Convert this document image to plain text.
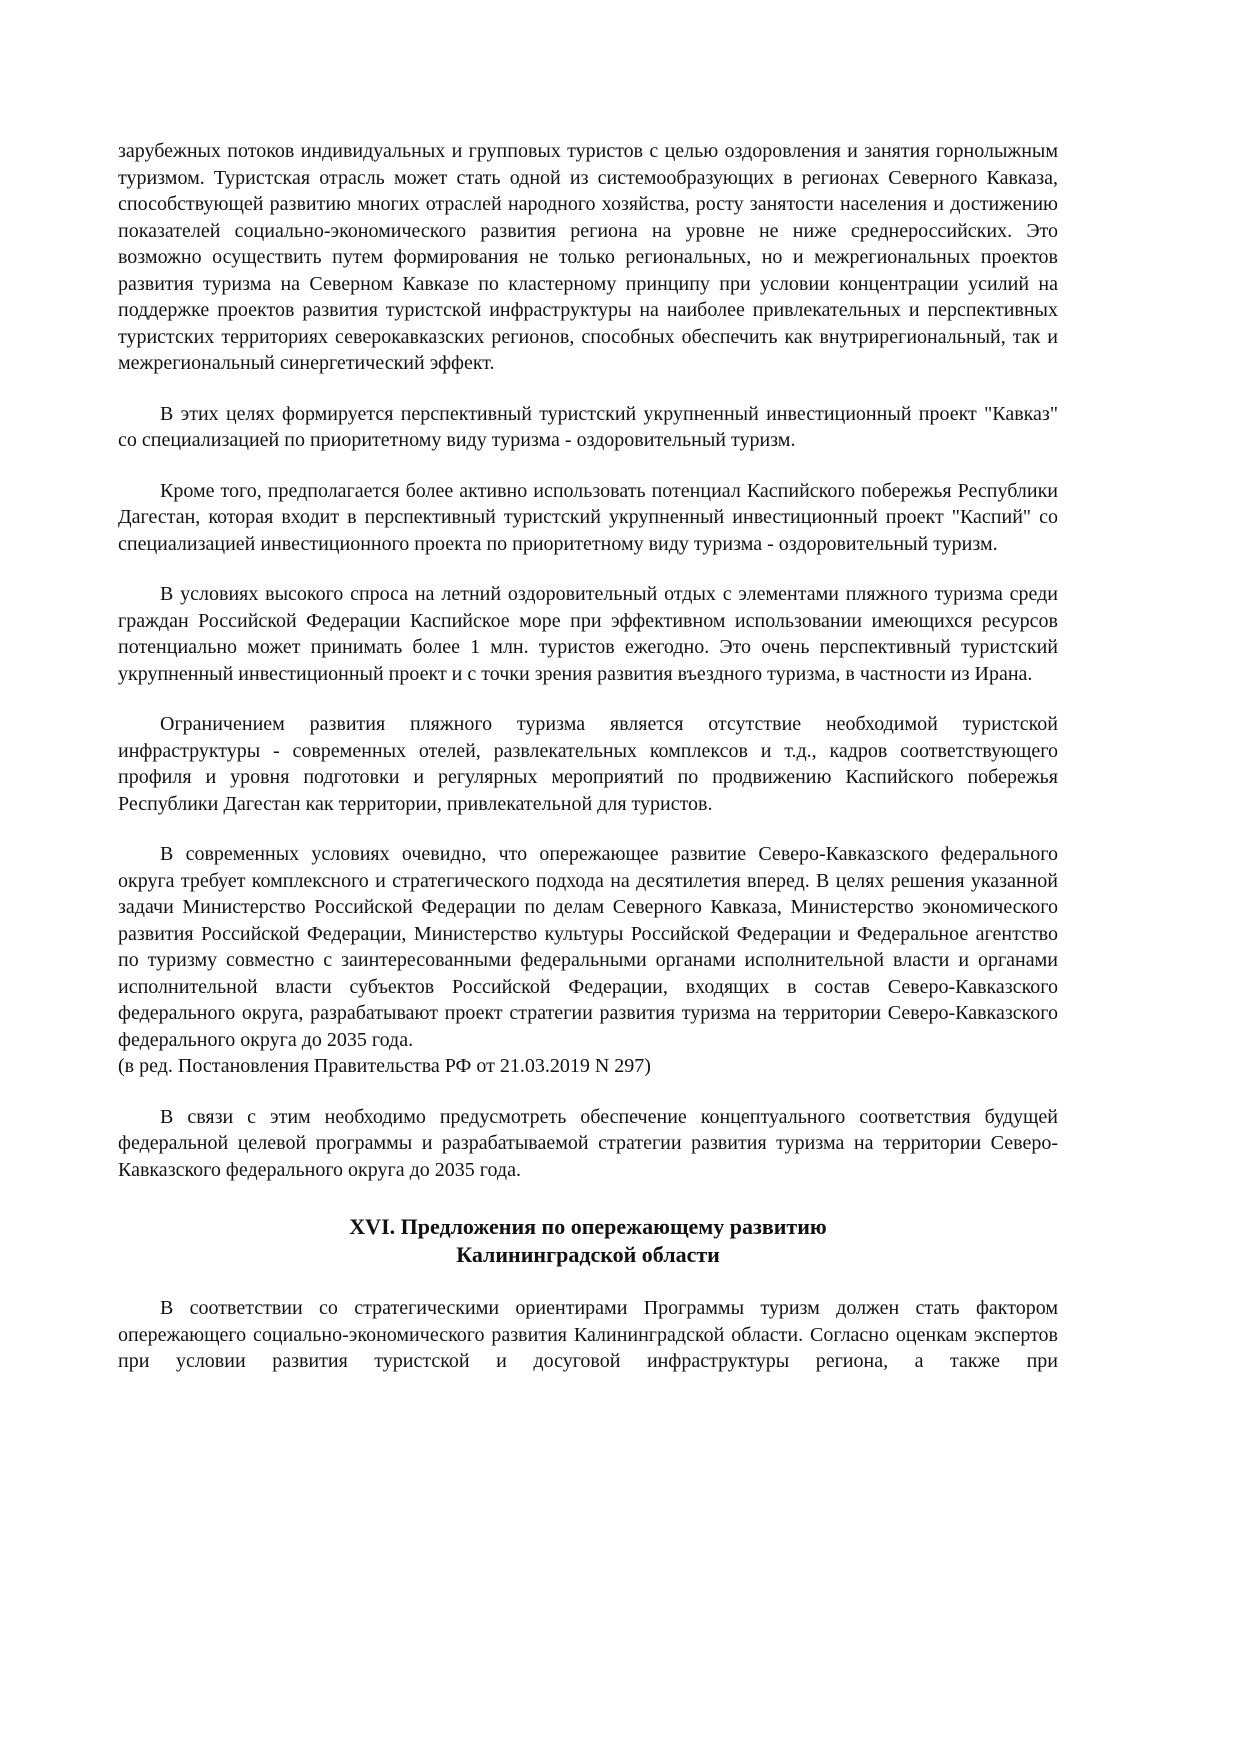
зарубежных потоков индивидуальных и групповых туристов с целью оздоровления и занятия горнолыжным туризмом. Туристская отрасль может стать одной из системообразующих в регионах Северного Кавказа, способствующей развитию многих отраслей народного хозяйства, росту занятости населения и достижению показателей социально-экономического развития региона на уровне не ниже среднероссийских. Это возможно осуществить путем формирования не только региональных, но и межрегиональных проектов развития туризма на Северном Кавказе по кластерному принципу при условии концентрации усилий на поддержке проектов развития туристской инфраструктуры на наиболее привлекательных и перспективных туристских территориях северокавказских регионов, способных обеспечить как внутрирегиональный, так и межрегиональный синергетический эффект.

В этих целях формируется перспективный туристский укрупненный инвестиционный проект "Кавказ" со специализацией по приоритетному виду туризма - оздоровительный туризм.

Кроме того, предполагается более активно использовать потенциал Каспийского побережья Республики Дагестан, которая входит в перспективный туристский укрупненный инвестиционный проект "Каспий" со специализацией инвестиционного проекта по приоритетному виду туризма - оздоровительный туризм.

В условиях высокого спроса на летний оздоровительный отдых с элементами пляжного туризма среди граждан Российской Федерации Каспийское море при эффективном использовании имеющихся ресурсов потенциально может принимать более 1 млн. туристов ежегодно. Это очень перспективный туристский укрупненный инвестиционный проект и с точки зрения развития въездного туризма, в частности из Ирана.

Ограничением развития пляжного туризма является отсутствие необходимой туристской инфраструктуры - современных отелей, развлекательных комплексов и т.д., кадров соответствующего профиля и уровня подготовки и регулярных мероприятий по продвижению Каспийского побережья Республики Дагестан как территории, привлекательной для туристов.

В современных условиях очевидно, что опережающее развитие Северо-Кавказского федерального округа требует комплексного и стратегического подхода на десятилетия вперед. В целях решения указанной задачи Министерство Российской Федерации по делам Северного Кавказа, Министерство экономического развития Российской Федерации, Министерство культуры Российской Федерации и Федеральное агентство по туризму совместно с заинтересованными федеральными органами исполнительной власти и органами исполнительной власти субъектов Российской Федерации, входящих в состав Северо-Кавказского федерального округа, разрабатывают проект стратегии развития туризма на территории Северо-Кавказского федерального округа до 2035 года.

(в ред. Постановления Правительства РФ от 21.03.2019 N 297)

В связи с этим необходимо предусмотреть обеспечение концептуального соответствия будущей федеральной целевой программы и разрабатываемой стратегии развития туризма на территории Северо-Кавказского федерального округа до 2035 года.

XVI. Предложения по опережающему развитию
Калининградской области

В соответствии со стратегическими ориентирами Программы туризм должен стать фактором опережающего социально-экономического развития Калининградской области. Согласно оценкам экспертов при условии развития туристской и досуговой инфраструктуры региона, а также при
